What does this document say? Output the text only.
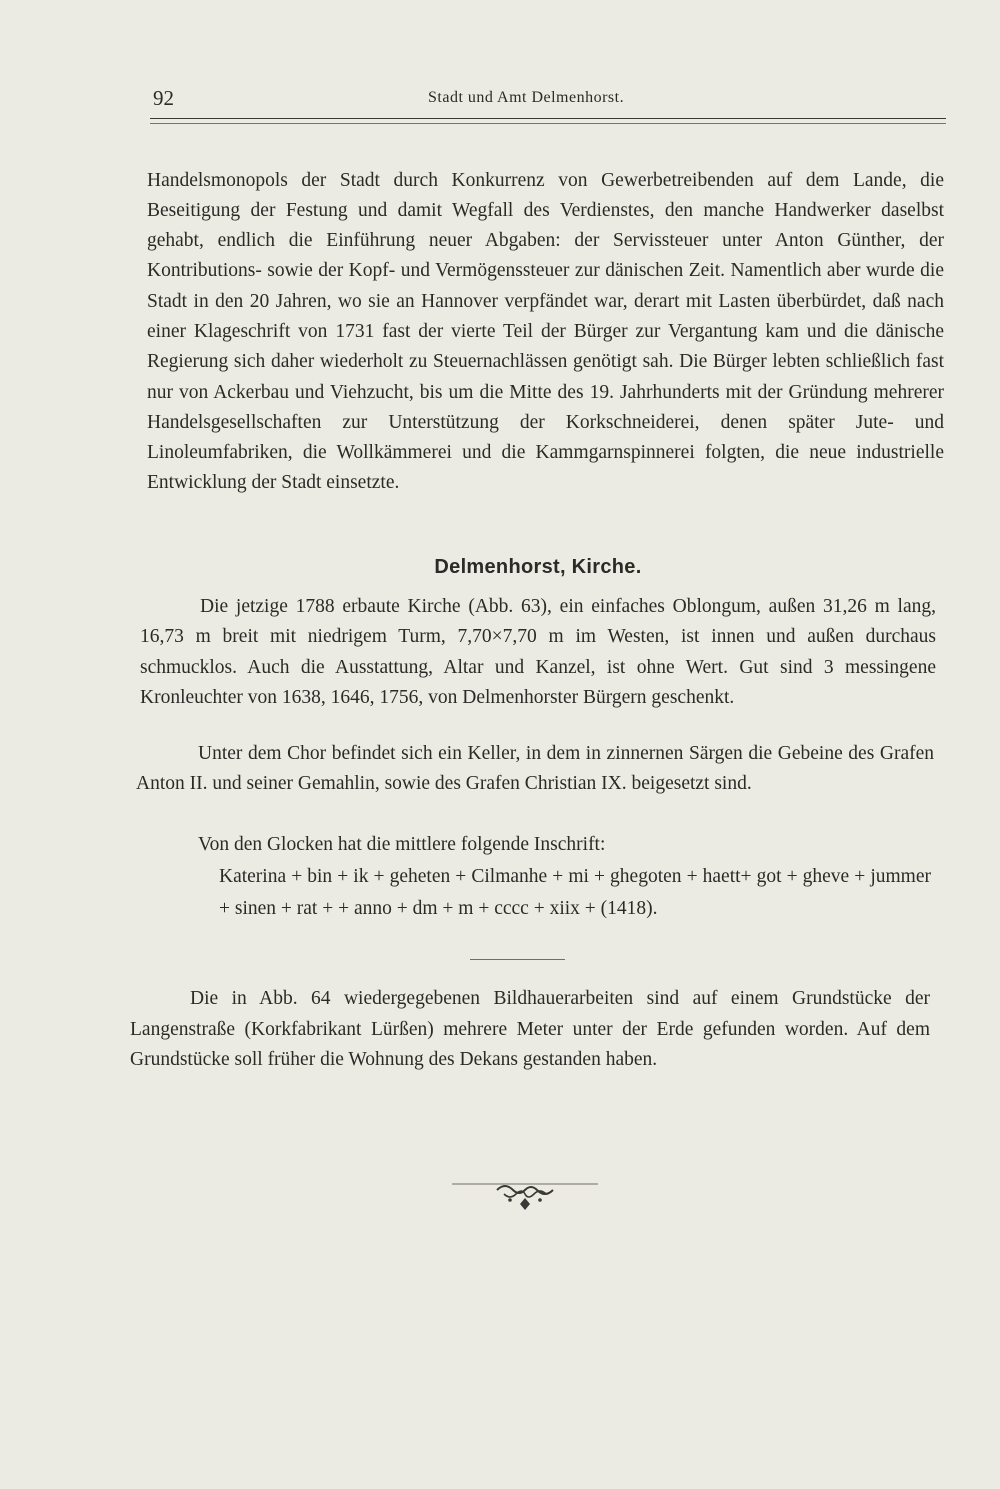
92	Stadt und Amt Delmenhorst.

Handelsmonopols der Stadt durch Konkurrenz von Gewerbetreibenden auf dem Lande, die Beseitigung der Festung und damit Wegfall des Verdienstes, den manche Handwerker daselbst gehabt, endlich die Einführung neuer Abgaben: der Servissteuer unter Anton Günther, der Kontributions- sowie der Kopf- und Vermögenssteuer zur dänischen Zeit. Namentlich aber wurde die Stadt in den 20 Jahren, wo sie an Hannover verpfändet war, derart mit Lasten überbürdet, daß nach einer Klageschrift von 1731 fast der vierte Teil der Bürger zur Vergantung kam und die dänische Regierung sich daher wiederholt zu Steuernachlässen genötigt sah. Die Bürger lebten schließlich fast nur von Ackerbau und Viehzucht, bis um die Mitte des 19. Jahrhunderts mit der Gründung mehrerer Handelsgesellschaften zur Unterstützung der Korkschneiderei, denen später Jute- und Linoleumfabriken, die Wollkämmerei und die Kammgarnspinnerei folgten, die neue industrielle Entwicklung der Stadt einsetzte.

Delmenhorst, Kirche.

Die jetzige 1788 erbaute Kirche (Abb. 63), ein einfaches Oblongum, außen 31,26 m lang, 16,73 m breit mit niedrigem Turm, 7,70×7,70 m im Westen, ist innen und außen durchaus schmucklos. Auch die Ausstattung, Altar und Kanzel, ist ohne Wert. Gut sind 3 messingene Kronleuchter von 1638, 1646, 1756, von Delmenhorster Bürgern geschenkt.

Unter dem Chor befindet sich ein Keller, in dem in zinnernen Särgen die Gebeine des Grafen Anton II. und seiner Gemahlin, sowie des Grafen Christian IX. beigesetzt sind.

Von den Glocken hat die mittlere folgende Inschrift:

Katerina + bin + ik + geheten + Cilmanhe + mi + ghegoten + haett+ got + gheve + jummer + sinen + rat + + anno + dm + m + cccc + xiix + (1418).

Die in Abb. 64 wiedergegebenen Bildhauerarbeiten sind auf einem Grundstücke der Langenstraße (Korkfabrikant Lürßen) mehrere Meter unter der Erde gefunden worden. Auf dem Grundstücke soll früher die Wohnung des Dekans gestanden haben.
